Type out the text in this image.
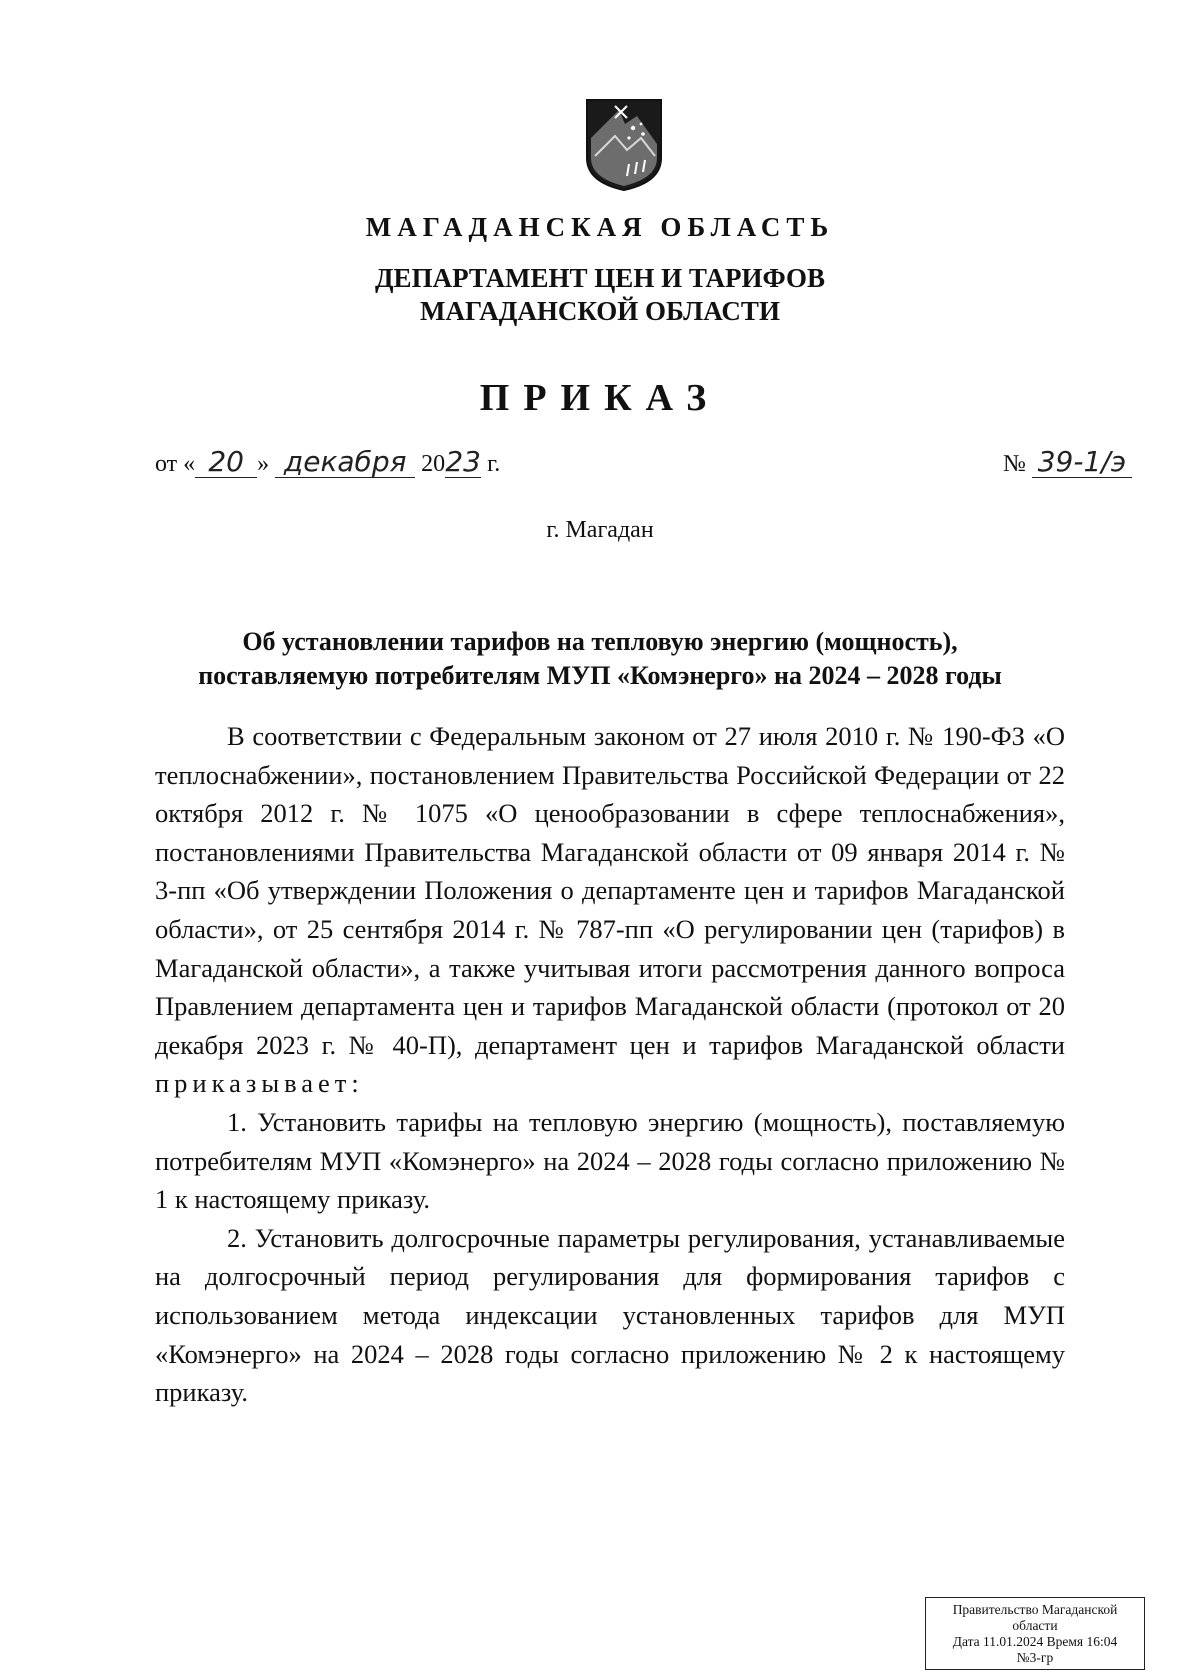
МАГАДАНСКАЯ ОБЛАСТЬ
ДЕПАРТАМЕНТ ЦЕН И ТАРИФОВ
МАГАДАНСКОЙ ОБЛАСТИ
ПРИКАЗ
от « 20 » декабря 2023 г.	№ 39-1/э
г. Магадан
Об установлении тарифов на тепловую энергию (мощность),
поставляемую потребителям МУП «Комэнерго» на 2024 – 2028 годы

В соответствии с Федеральным законом от 27 июля 2010 г. № 190-ФЗ «О теплоснабжении», постановлением Правительства Российской Федерации от 22 октября 2012 г. № 1075 «О ценообразовании в сфере теплоснабжения», постановлениями Правительства Магаданской области от 09 января 2014 г. № 3-пп «Об утверждении Положения о департаменте цен и тарифов Магаданской области», от 25 сентября 2014 г. № 787-пп «О регулировании цен (тарифов) в Магаданской области», а также учитывая итоги рассмотрения данного вопроса Правлением департамента цен и тарифов Магаданской области (протокол от 20 декабря 2023 г. № 40-П), департамент цен и тарифов Магаданской области приказывает:

1. Установить тарифы на тепловую энергию (мощность), поставляемую потребителям МУП «Комэнерго» на 2024 – 2028 годы согласно приложению № 1 к настоящему приказу.

2. Установить долгосрочные параметры регулирования, устанавливаемые на долгосрочный период регулирования для формирования тарифов с использованием метода индексации установленных тарифов для МУП «Комэнерго» на 2024 – 2028 годы согласно приложению № 2 к настоящему приказу.

Правительство Магаданской
области
Дата 11.01.2024 Время 16:04
№3-гр
